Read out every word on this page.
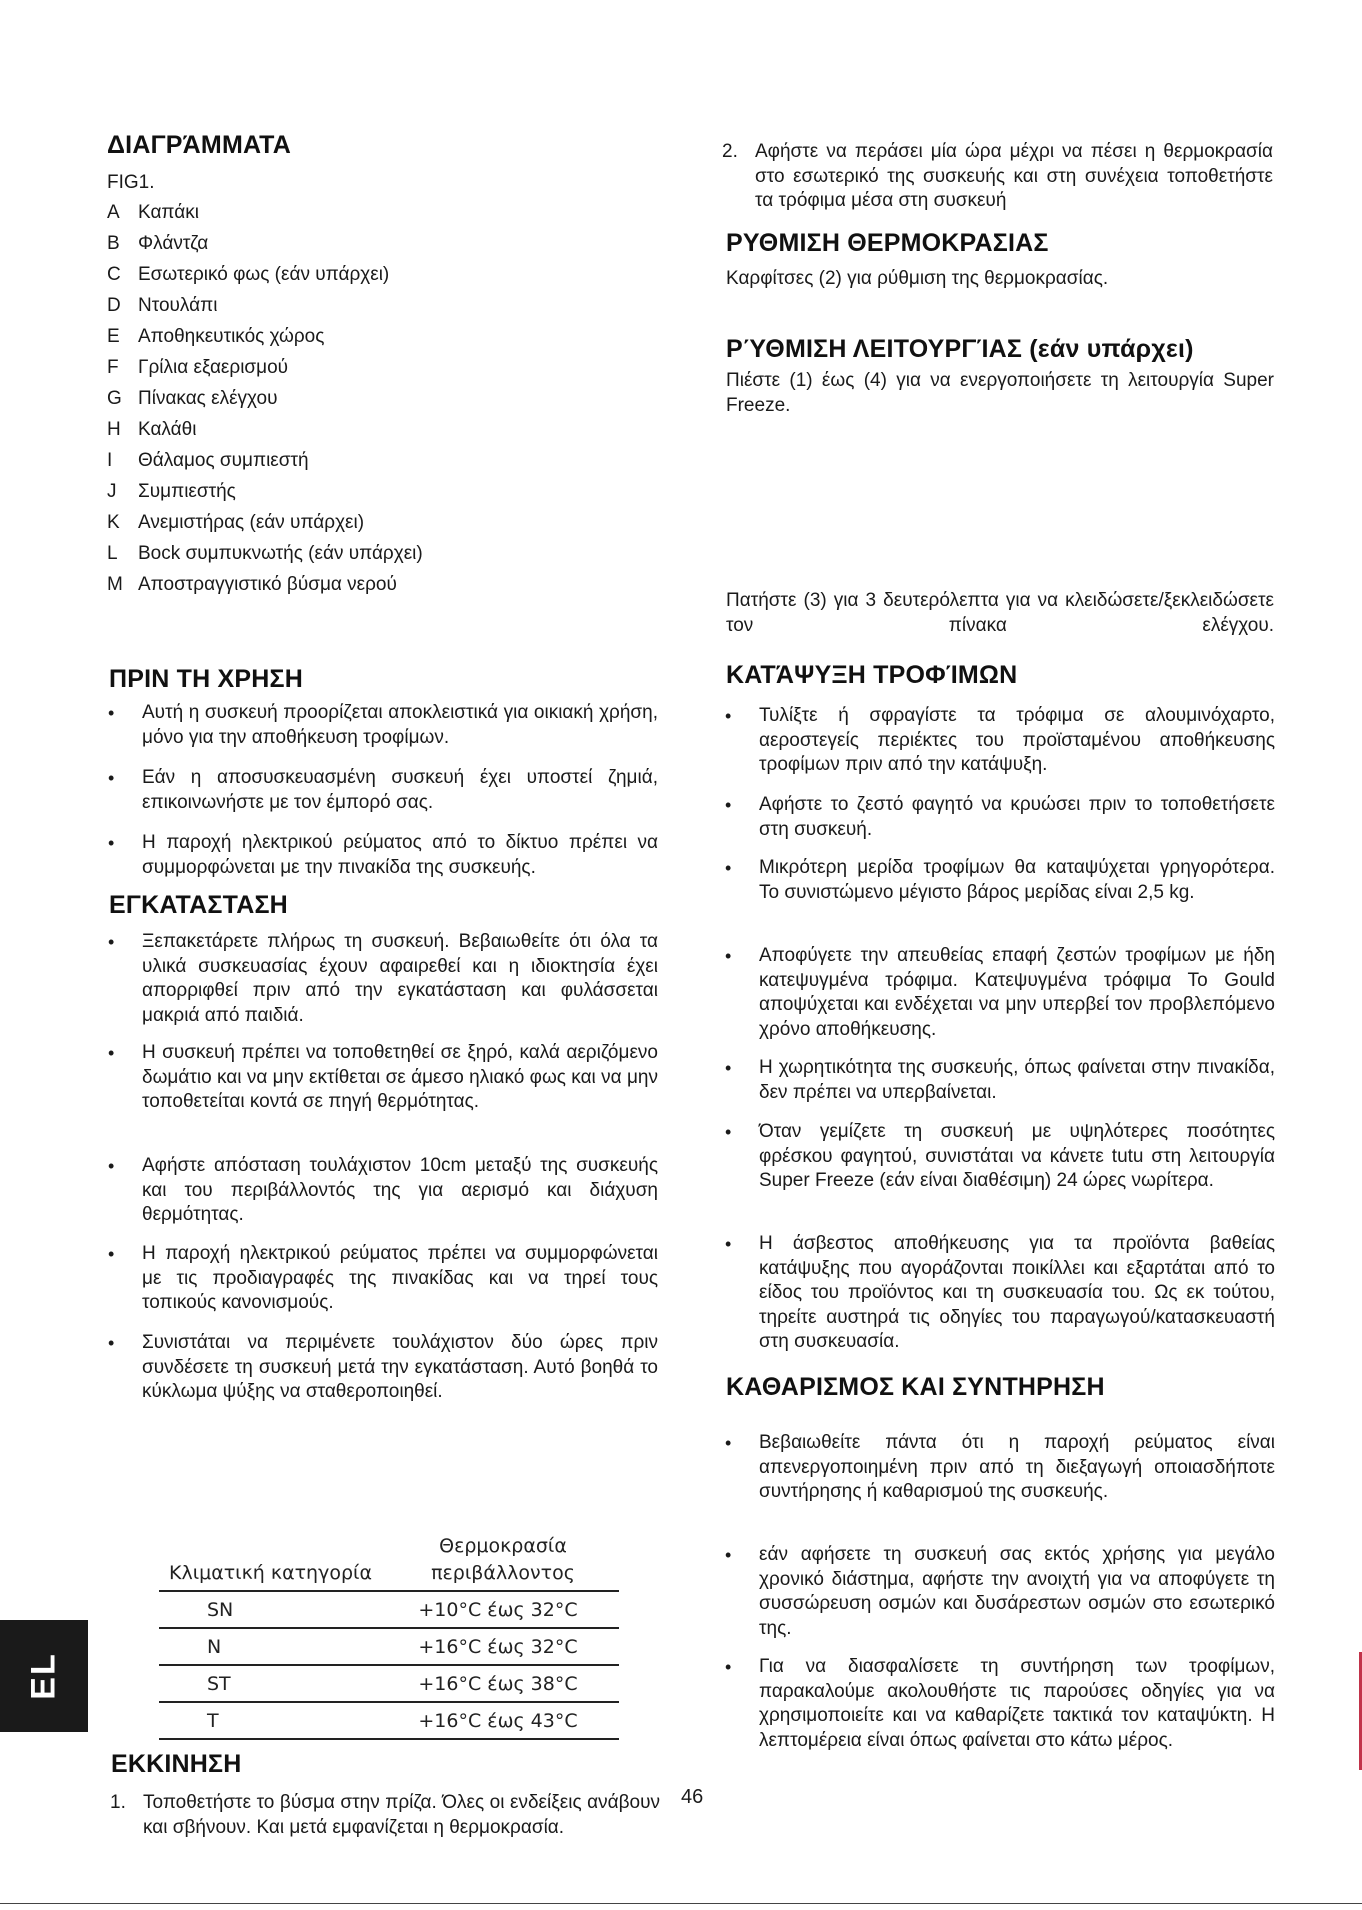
ΔΙΑΓΡΆΜΜΑΤΑ
FIG1.
A Καπάκι
B Φλάντζα
C Εσωτερικό φως (εάν υπάρχει)
D Ντουλάπι
E Αποθηκευτικός χώρος
F Γρίλια εξαερισμού
G Πίνακας ελέγχου
H Καλάθι
I Θάλαμος συμπιεστή
J Συμπιεστής
K Ανεμιστήρας (εάν υπάρχει)
L Bock συμπυκνωτής (εάν υπάρχει)
M Αποστραγγιστικό βύσμα νερού
ΠΡΙΝ ΤΗ ΧΡΗΣΗ
• Αυτή η συσκευή προορίζεται αποκλειστικά για οικιακή χρήση, μόνο για την αποθήκευση τροφίμων.
• Εάν η αποσυσκευασμένη συσκευή έχει υποστεί ζημιά, επικοινωνήστε με τον έμπορό σας.
• Η παροχή ηλεκτρικού ρεύματος από το δίκτυο πρέπει να συμμορφώνεται με την πινακίδα της συσκευής.
ΕΓΚΑΤΑΣΤΑΣΗ
• Ξεπακετάρετε πλήρως τη συσκευή. Βεβαιωθείτε ότι όλα τα υλικά συσκευασίας έχουν αφαιρεθεί και η ιδιοκτησία έχει απορριφθεί πριν από την εγκατάσταση και φυλάσσεται μακριά από παιδιά.
• Η συσκευή πρέπει να τοποθετηθεί σε ξηρό, καλά αεριζόμενο δωμάτιο και να μην εκτίθεται σε άμεσο ηλιακό φως και να μην τοποθετείται κοντά σε πηγή θερμότητας.
• Αφήστε απόσταση τουλάχιστον 10cm μεταξύ της συσκευής και του περιβάλλοντός της για αερισμό και διάχυση θερμότητας.
• Η παροχή ηλεκτρικού ρεύματος πρέπει να συμμορφώνεται με τις προδιαγραφές της πινακίδας και να τηρεί τους τοπικούς κανονισμούς.
• Συνιστάται να περιμένετε τουλάχιστον δύο ώρες πριν συνδέσετε τη συσκευή μετά την εγκατάσταση. Αυτό βοηθά το κύκλωμα ψύξης να σταθεροποιηθεί.
Κλιματική κατηγορία	Θερμοκρασία περιβάλλοντος
SN	+10°C έως 32°C
N	+16°C έως 32°C
ST	+16°C έως 38°C
T	+16°C έως 43°C
ΕΚΚΙΝΗΣΗ
1. Τοποθετήστε το βύσμα στην πρίζα. Όλες οι ενδείξεις ανάβουν και σβήνουν. Και μετά εμφανίζεται η θερμοκρασία.
2. Αφήστε να περάσει μία ώρα μέχρι να πέσει η θερμοκρασία στο εσωτερικό της συσκευής και στη συνέχεια τοποθετήστε τα τρόφιμα μέσα στη συσκευή
ΡΥΘΜΙΣΗ ΘΕΡΜΟΚΡΑΣΙΑΣ
Καρφίτσες (2) για ρύθμιση της θερμοκρασίας.
ΡΎΘΜΙΣΗ ΛΕΙΤΟΥΡΓΊΑΣ (εάν υπάρχει)
Πιέστε (1) έως (4) για να ενεργοποιήσετε τη λειτουργία Super Freeze.
Πατήστε (3) για 3 δευτερόλεπτα για να κλειδώσετε/ξεκλειδώσετε τον πίνακα ελέγχου.
ΚΑΤΆΨΥΞΗ ΤΡΟΦΊΜΩΝ
• Τυλίξτε ή σφραγίστε τα τρόφιμα σε αλουμινόχαρτο, αεροστεγείς περιέκτες του προϊσταμένου αποθήκευσης τροφίμων πριν από την κατάψυξη.
• Αφήστε το ζεστό φαγητό να κρυώσει πριν το τοποθετήσετε στη συσκευή.
• Μικρότερη μερίδα τροφίμων θα καταψύχεται γρηγορότερα. Το συνιστώμενο μέγιστο βάρος μερίδας είναι 2,5 kg.
• Αποφύγετε την απευθείας επαφή ζεστών τροφίμων με ήδη κατεψυγμένα τρόφιμα. Κατεψυγμένα τρόφιμα Το Gould αποψύχεται και ενδέχεται να μην υπερβεί τον προβλεπόμενο χρόνο αποθήκευσης.
• Η χωρητικότητα της συσκευής, όπως φαίνεται στην πινακίδα, δεν πρέπει να υπερβαίνεται.
• Όταν γεμίζετε τη συσκευή με υψηλότερες ποσότητες φρέσκου φαγητού, συνιστάται να κάνετε tutu στη λειτουργία Super Freeze (εάν είναι διαθέσιμη) 24 ώρες νωρίτερα.
• Η άσβεστος αποθήκευσης για τα προϊόντα βαθείας κατάψυξης που αγοράζονται ποικίλλει και εξαρτάται από το είδος του προϊόντος και τη συσκευασία του. Ως εκ τούτου, τηρείτε αυστηρά τις οδηγίες του παραγωγού/κατασκευαστή στη συσκευασία.
ΚΑΘΑΡΙΣΜΟΣ ΚΑΙ ΣΥΝΤΗΡΗΣΗ
• Βεβαιωθείτε πάντα ότι η παροχή ρεύματος είναι απενεργοποιημένη πριν από τη διεξαγωγή οποιασδήποτε συντήρησης ή καθαρισμού της συσκευής.
• εάν αφήσετε τη συσκευή σας εκτός χρήσης για μεγάλο χρονικό διάστημα, αφήστε την ανοιχτή για να αποφύγετε τη συσσώρευση οσμών και δυσάρεστων οσμών στο εσωτερικό της.
• Για να διασφαλίσετε τη συντήρηση των τροφίμων, παρακαλούμε ακολουθήστε τις παρούσες οδηγίες για να χρησιμοποιείτε και να καθαρίζετε τακτικά τον καταψύκτη. Η λεπτομέρεια είναι όπως φαίνεται στο κάτω μέρος.
EL
46
